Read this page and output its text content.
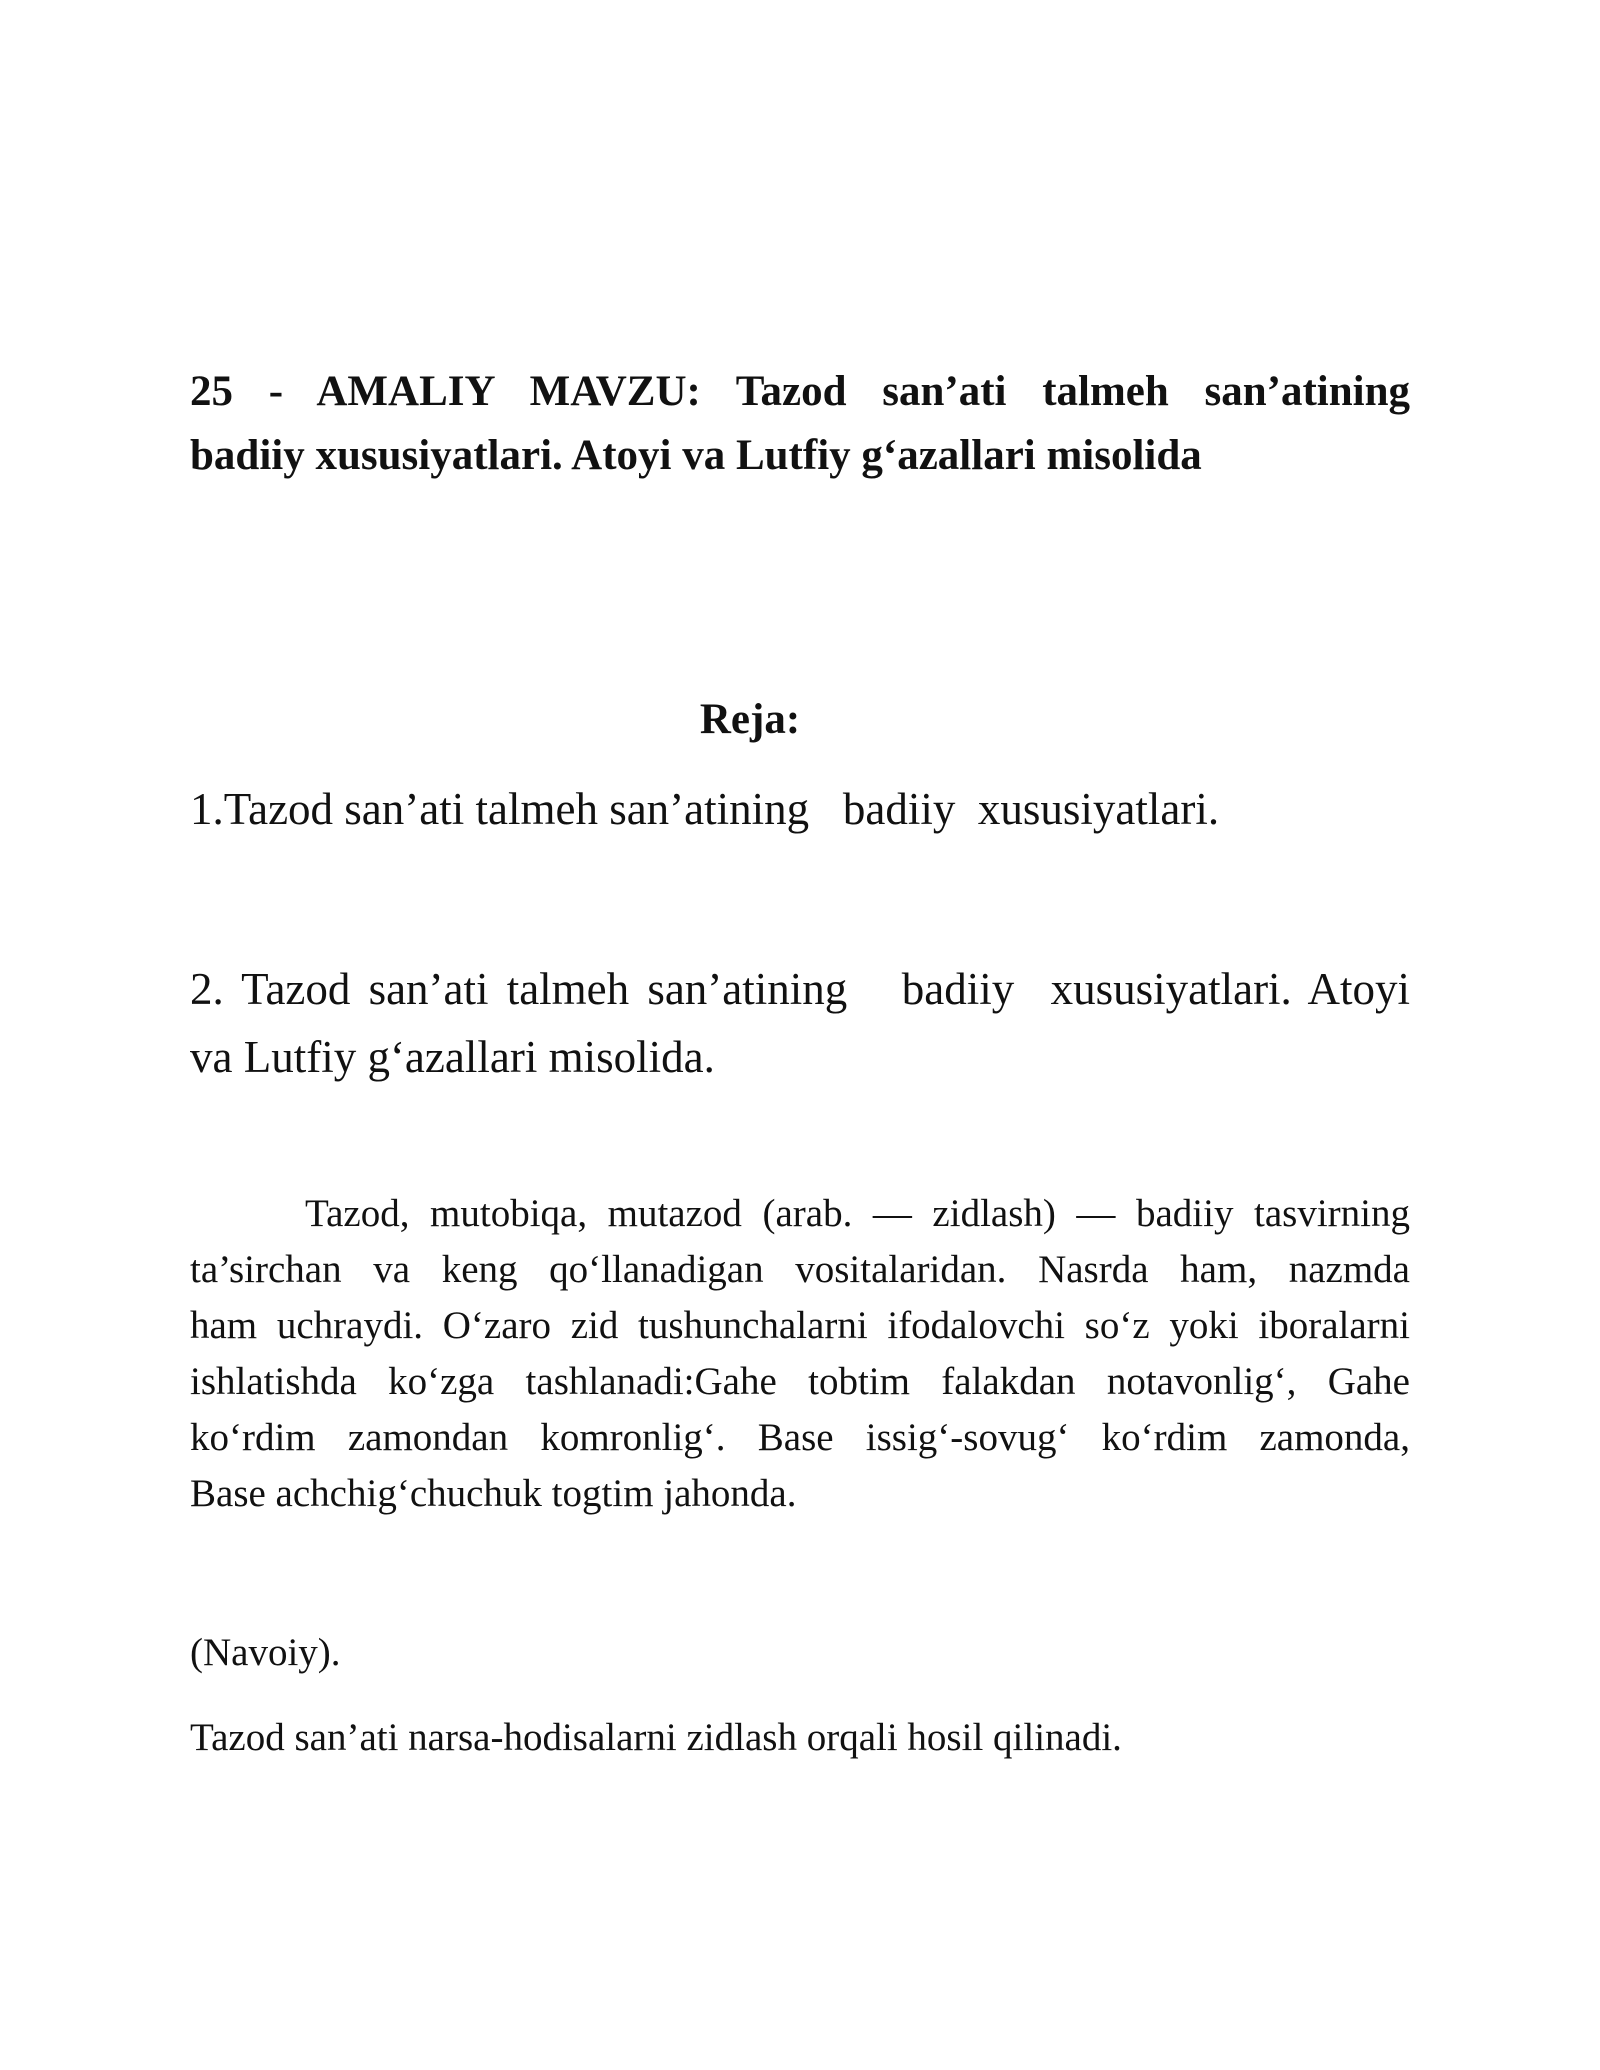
25 - AMALIY MAVZU: Tazod san’ati talmeh san’atining
badiiy xususiyatlari. Atoyi va Lutfiy g‘azallari misolida
Reja:
1.Tazod san’ati talmeh san’atining   badiiy  xususiyatlari.
2. Tazod san’ati talmeh san’atining   badiiy  xususiyatlari. Atoyi
va Lutfiy g‘azallari misolida.
Tazod, mutobiqa, mutazod (arab. — zidlash) — badiiy tasvirning
ta’sirchan va keng qo‘llanadigan vositalaridan. Nasrda ham, nazmda
ham uchraydi. O‘zaro zid tushunchalarni ifodalovchi so‘z yoki iboralarni
ishlatishda ko‘zga tashlanadi:Gahe tobtim falakdan notavonlig‘, Gahe
ko‘rdim zamondan komronlig‘. Base issig‘-sovug‘ ko‘rdim zamonda,
Base achchig‘chuchuk togtim jahonda.
(Navoiy).
Tazod san’ati narsa-hodisalarni zidlash orqali hosil qilinadi.
